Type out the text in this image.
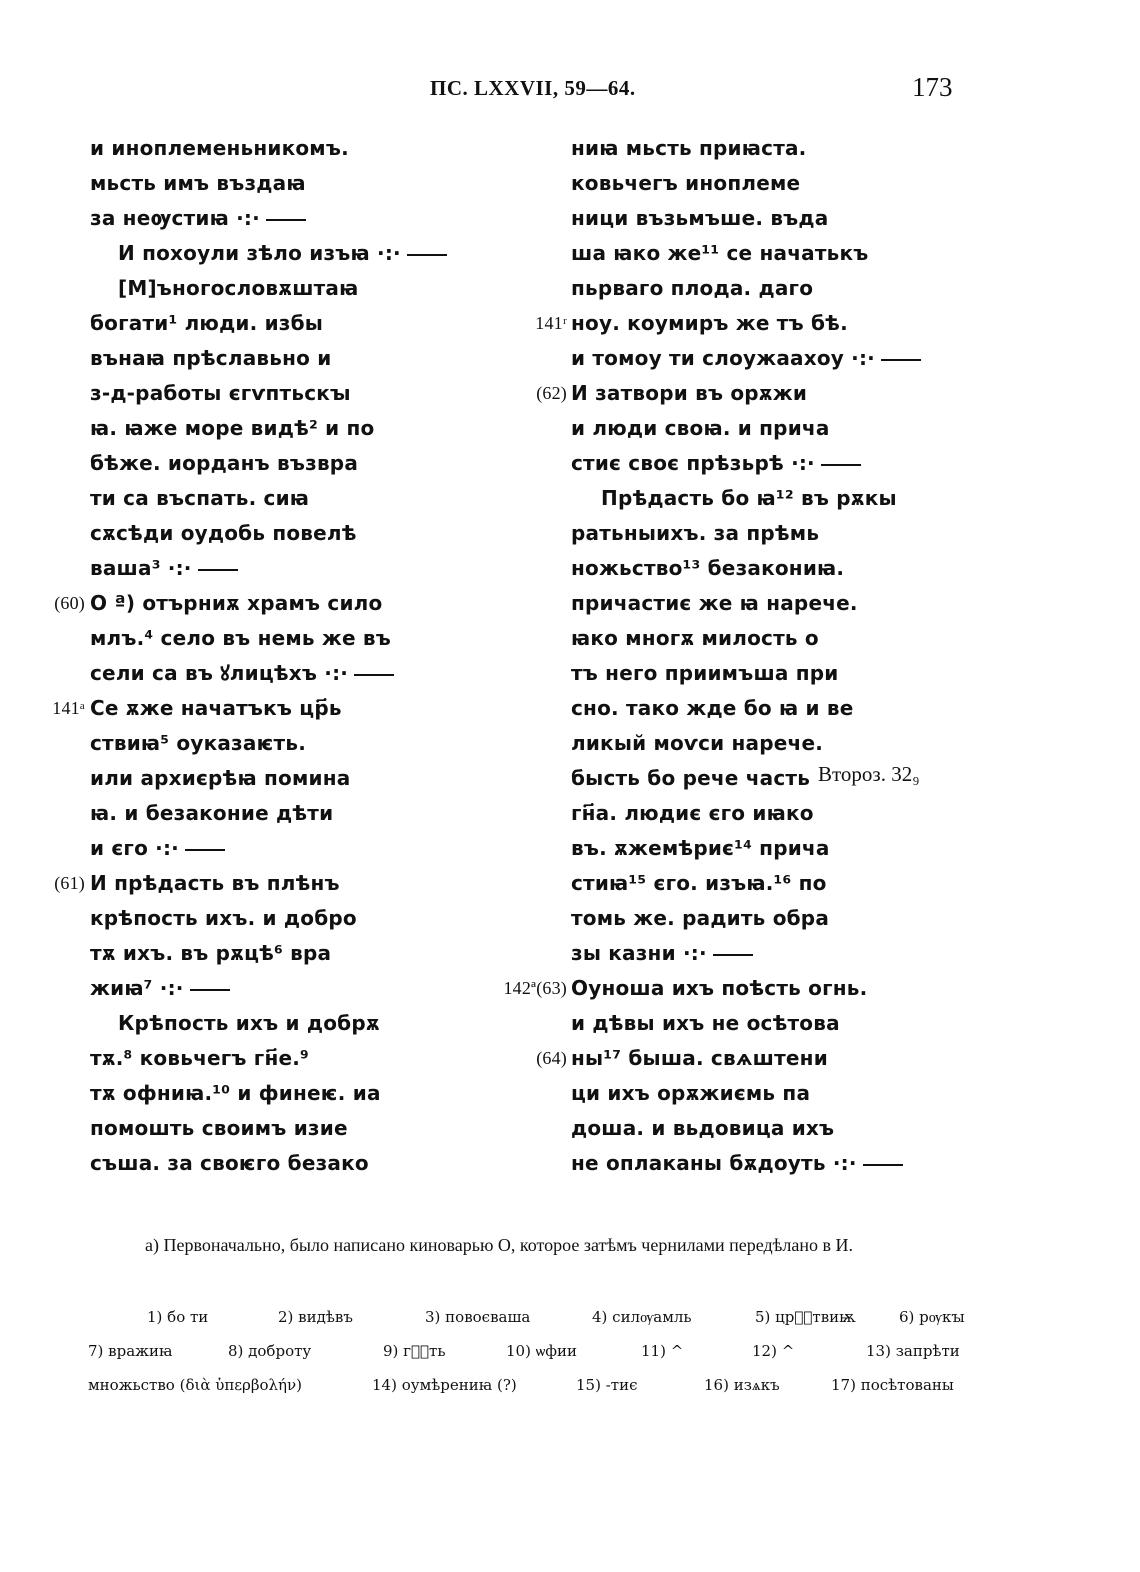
ПС. LXXVII, 59—64.	173
и иноплеменьникомъ.
мьсть имъ въздаꙗ
за неѹстиꙗ ·:·
И похоули зѣло изъꙗ ·:·
[М]ъногословѫштаꙗ
богати¹ люди. избы
вънаꙗ прѣславьно и
з-д-работы єгѵптьскꙑ
ꙗ. ꙗже море видѣ² и по
бѣже. иорданъ възвра
ти са въспать. сиꙗ
сѫсѣди оудобь повелѣ
ваша³ ·:·
(60) О ª) отърниѫ храмъ сило
млъ.⁴ село въ немь же въ
сели са въ ꙋлицѣхъ ·:·
141ᵃ Се ѫже начатъкъ цр҃ь
ствиꙗ⁵ оуказаѥть.
или архиєрѣꙗ помина
ꙗ. и безаконие дѣти
и єго ·:·
(61) И прѣдасть въ плѣнъ
крѣпость ихъ. и добро
тѫ ихъ. въ рѫцѣ⁶ вра
жиꙗ⁷ ·:·
Крѣпость ихъ и добрѫ
тѫ.⁸ ковьчегъ гн҃е.⁹
тѫ офниꙗ.¹⁰ и финеѥ. иа
помошть своимъ изие
съша. за своѥго безако
ниꙗ мьсть приꙗста.
ковьчегъ иноплеме
ници възьмъше. въда
ша ꙗко же¹¹ се начатькъ
пьрваго плода. даго
141ʳ ноу. коумиръ же тъ бѣ.
и томоу ти слоужаахоу ·:·
(62) И затвори въ орѫжи
и люди своꙗ. и прича
стиє своє прѣзьрѣ ·:·
Прѣдасть бо ꙗ¹² въ рѫкы
ратьныихъ. за прѣмь
ножьство¹³ безакониꙗ.
причастиє же ꙗ нарече.
ꙗко многѫ милость о
тъ него приимъша при
сно. тако жде бо ꙗ и ве
ликый моѵси нарече.
бысть бо рече часть
гн҃а. людиє єго иꙗко
въ. ѫжемѣриє¹⁴ прича
стиꙗ¹⁵ єго. изъꙗ.¹⁶ по
томь же. радить обра
зы казни ·:·
142ª(63) Оуноша ихъ поѣсть огнь.
и дѣвы ихъ не осѣтова
(64) ны¹⁷ быша. свѧштени
ци ихъ орѫжиємь па
доша. и вьдовица ихъ
не оплаканы бѫдоуть ·:·
Второз. 32₉
а) Первоначально, было написано киноварью О, которое затѣмъ чернилами передѣлано в И.
1) бо ти	2) видѣвъ	3) повоєваша	4) силѹамль	5) црⷭ҇твиѭ	6) рѹкꙑ
7) вражиꙗ	8) доброту	9) гⷭ҇ть	10) ѡфии	11) ^	12) ^	13) запрѣти
множьство (διὰ ὑπερβολήν)	14) оумѣрениꙗ (?)	15) -тиє	16) изѧкъ	17) посѣтованы
